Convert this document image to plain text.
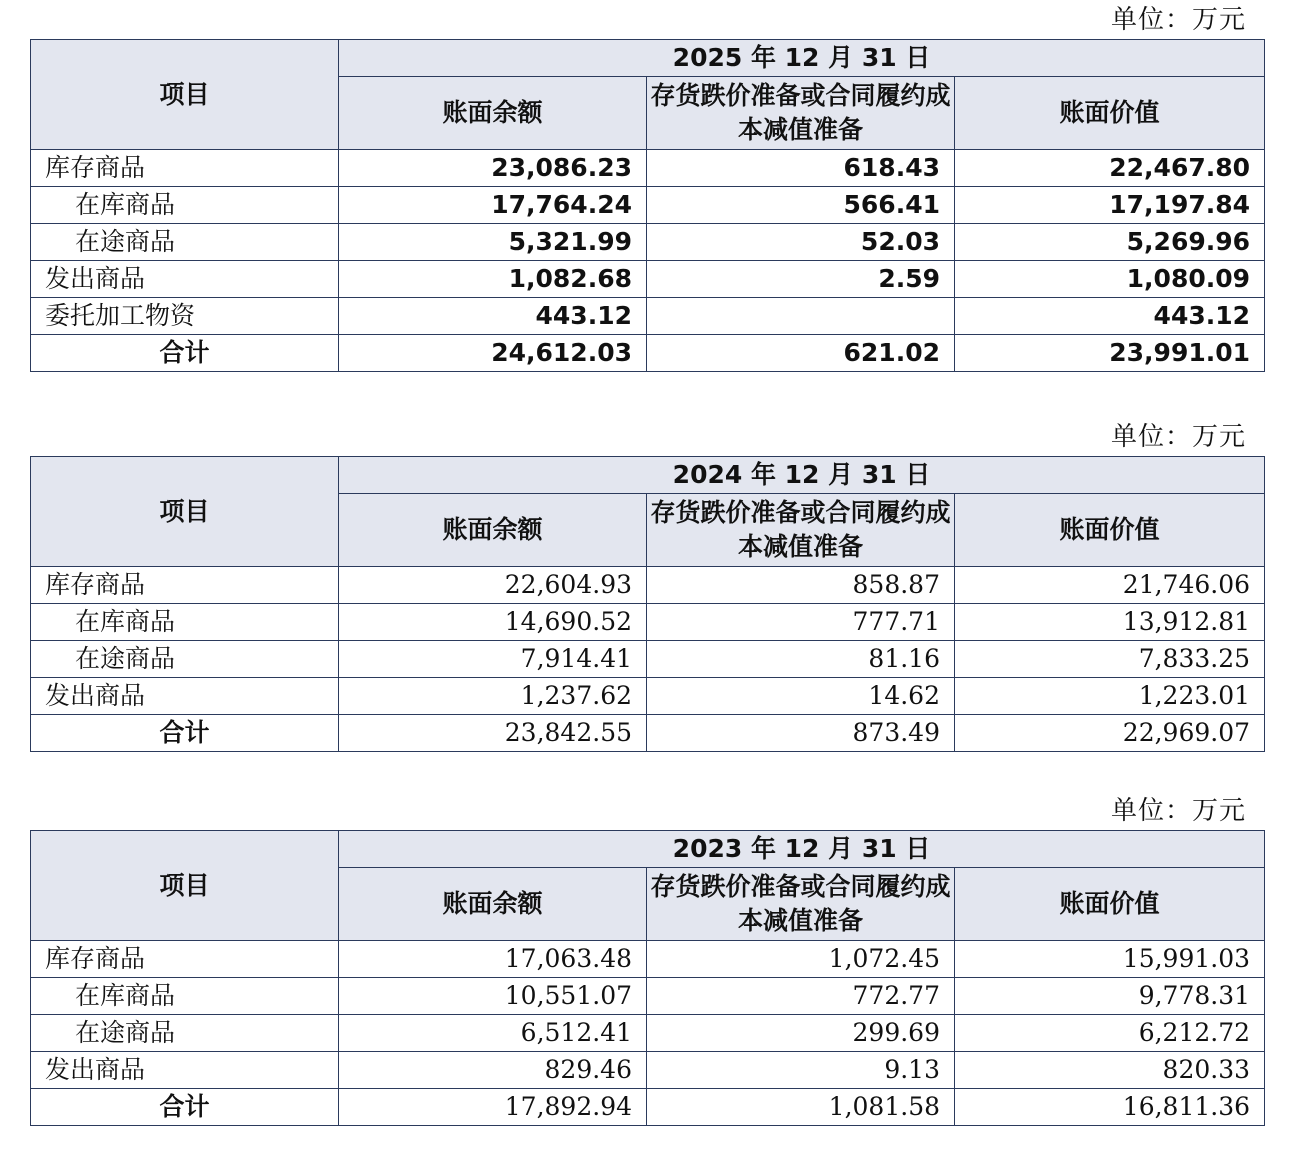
单位：万元
项目	2025 年 12 月 31 日		
	账面余额	存货跌价准备或合同履约成本减值准备	账面价值
库存商品	23,086.23	618.43	22,467.80
在库商品	17,764.24	566.41	17,197.84
在途商品	5,321.99	52.03	5,269.96
发出商品	1,082.68	2.59	1,080.09
委托加工物资	443.12		443.12
合计	24,612.03	621.02	23,991.01
单位：万元
项目	2024 年 12 月 31 日		
	账面余额	存货跌价准备或合同履约成本减值准备	账面价值
库存商品	22,604.93	858.87	21,746.06
在库商品	14,690.52	777.71	13,912.81
在途商品	7,914.41	81.16	7,833.25
发出商品	1,237.62	14.62	1,223.01
合计	23,842.55	873.49	22,969.07
单位：万元
项目	2023 年 12 月 31 日		
	账面余额	存货跌价准备或合同履约成本减值准备	账面价值
库存商品	17,063.48	1,072.45	15,991.03
在库商品	10,551.07	772.77	9,778.31
在途商品	6,512.41	299.69	6,212.72
发出商品	829.46	9.13	820.33
合计	17,892.94	1,081.58	16,811.36
